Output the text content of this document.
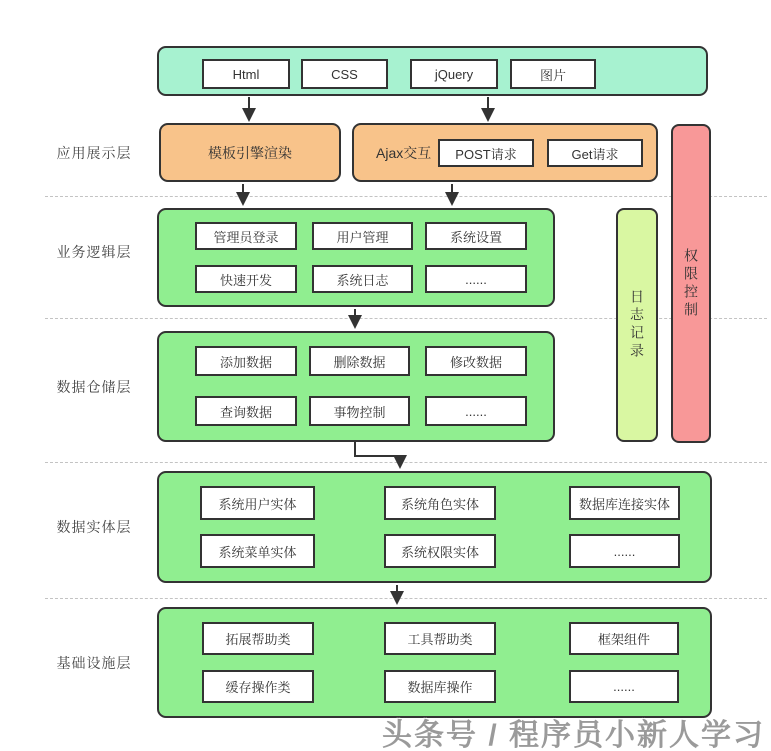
应用展示层
业务逻辑层
数据仓储层
数据实体层
基础设施层
Html	CSS	jQuery	图片
模板引擎渲染	Ajax交互	POST请求	Get请求
权限控制
日志记录
管理员登录	用户管理	系统设置
快速开发	系统日志	......
添加数据	删除数据	修改数据
查询数据	事物控制	......
系统用户实体	系统角色实体	数据库连接实体
系统菜单实体	系统权限实体	......
拓展帮助类	工具帮助类	框架组件
缓存操作类	数据库操作	......
头条号 / 程序员小新人学习
